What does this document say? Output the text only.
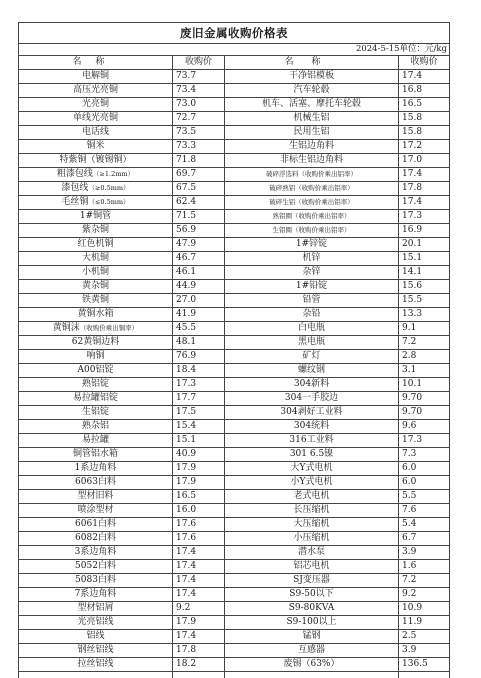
废旧金属收购价格表
2024-5-15单位：元/kg
名称	收购价	名称	收购价
电解铜	73.7	干净铝模板	17.4
高压光亮铜	73.4	汽车轮毂	16.8
光亮铜	73.0	机车、活塞、摩托车轮毂	16.5
单线光亮铜	72.7	机械生铝	15.8
电话线	73.5	民用生铝	15.8
铜米	73.3	生铝边角料	17.2
特紫铜（镀锡铜）	71.8	非标生铝边角料	17.0
粗漆包线（≥1.2mm）	69.7	破碎浮选料（收购价乘出铝率）	17.4
漆包线（≥0.5mm）	67.5	破碎熟铝（收购价乘出铝率）	17.8
毛丝铜（≤0.5mm）	62.4	破碎生铝（收购价乘出铝率）	17.4
1#铜管	71.5	熟铝圈（收购价乘出铝率）	17.3
紫杂铜	56.9	生铝圈（收购价乘出铝率）	16.9
红色机铜	47.9	1#锌锭	20.1
大机铜	46.7	机锌	15.1
小机铜	46.1	杂锌	14.1
黄杂铜	44.9	1#铅锭	15.6
铁黄铜	27.0	铅管	15.5
黄铜水箱	41.9	杂铅	13.3
黄铜沫（收购价乘出铜率）	45.5	白电瓶	9.1
62黄铜边料	48.1	黑电瓶	7.2
响铜	76.9	矿灯	2.8
A00铝锭	18.4	螺纹钢	3.1
熟铝锭	17.3	304新料	10.1
易拉罐铝锭	17.7	304一手胶边	9.70
生铝锭	17.5	304剥好工业料	9.70
熟杂铝	15.4	304统料	9.6
易拉罐	15.1	316工业料	17.3
铜管铝水箱	40.9	301 6.5镍	7.3
1系边角料	17.9	大Y式电机	6.0
6063白料	17.9	小Y式电机	6.0
型材旧料	16.5	老式电机	5.5
喷涂型材	16.0	长压缩机	7.6
6061白料	17.6	大压缩机	5.4
6082白料	17.6	小压缩机	6.7
3系边角料	17.4	潜水泵	3.9
5052白料	17.4	铝芯电机	1.6
5083白料	17.4	SJ变压器	7.2
7系边角料	17.4	S9-50以下	9.2
型材铝屑	9.2	S9-80KVA	10.9
光亮铝线	17.9	S9-100以上	11.9
铝线	17.4	锰钢	2.5
钢丝铝线	17.8	互感器	3.9
拉丝铝线	18.2	废锡（63%）	136.5
